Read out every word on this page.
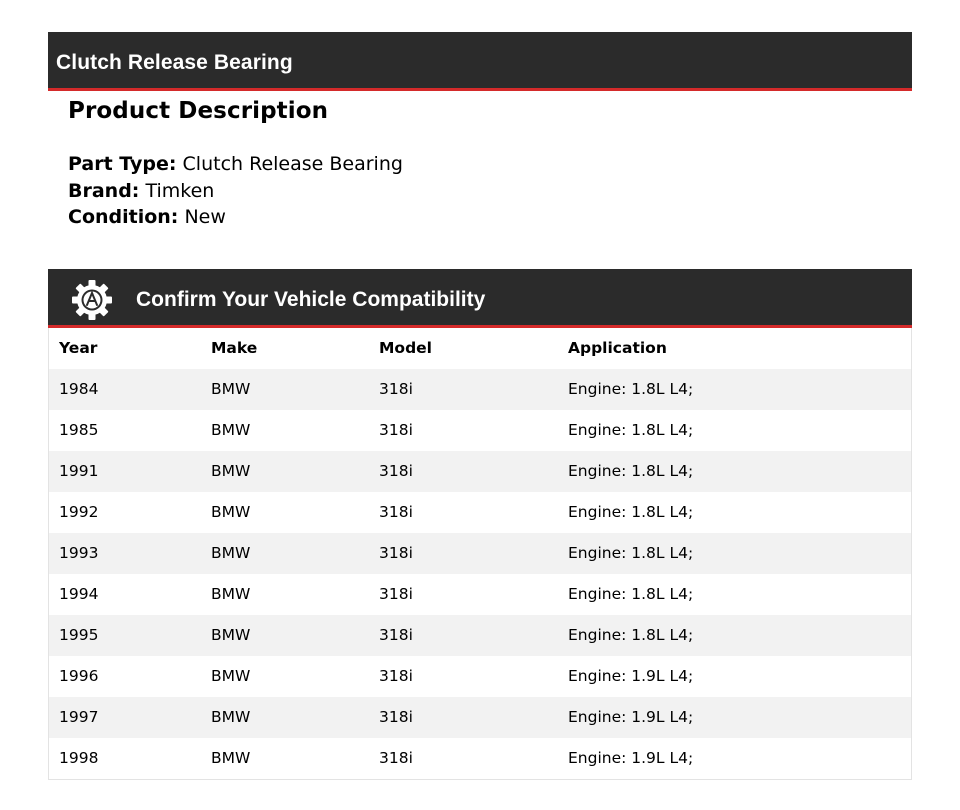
Clutch Release Bearing
Product Description
Part Type: Clutch Release Bearing
Brand: Timken
Condition: New
Confirm Your Vehicle Compatibility
Year	Make	Model	Application
1984	BMW	318i	Engine: 1.8L L4;
1985	BMW	318i	Engine: 1.8L L4;
1991	BMW	318i	Engine: 1.8L L4;
1992	BMW	318i	Engine: 1.8L L4;
1993	BMW	318i	Engine: 1.8L L4;
1994	BMW	318i	Engine: 1.8L L4;
1995	BMW	318i	Engine: 1.8L L4;
1996	BMW	318i	Engine: 1.9L L4;
1997	BMW	318i	Engine: 1.9L L4;
1998	BMW	318i	Engine: 1.9L L4;
